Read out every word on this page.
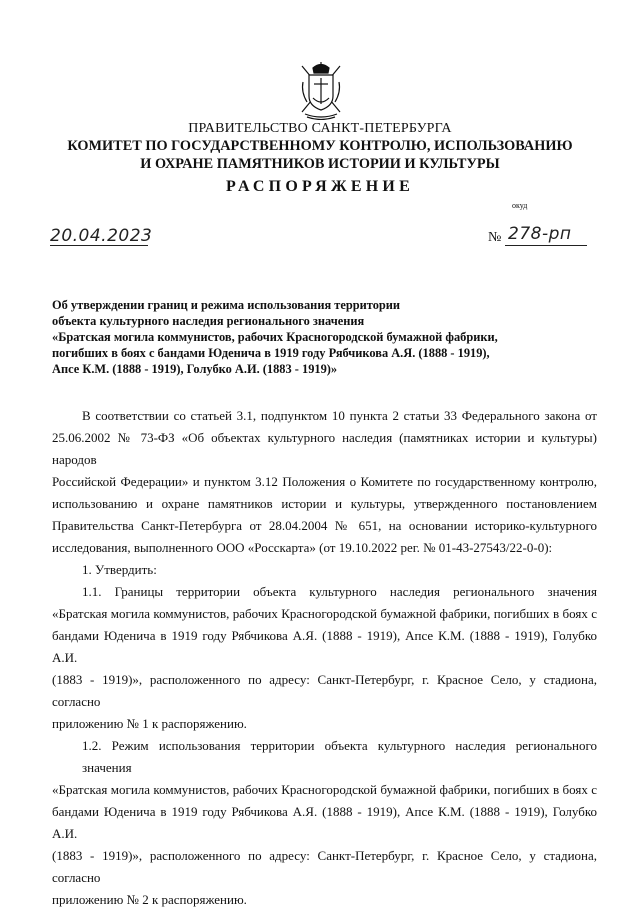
ПРАВИТЕЛЬСТВО САНКТ-ПЕТЕРБУРГА
КОМИТЕТ ПО ГОСУДАРСТВЕННОМУ КОНТРОЛЮ, ИСПОЛЬЗОВАНИЮ
И ОХРАНЕ ПАМЯТНИКОВ ИСТОРИИ И КУЛЬТУРЫ
РАСПОРЯЖЕНИЕ
окуд
20.04.2023	№ 278-рп
Об утверждении границ и режима использования территории
объекта культурного наследия регионального значения
«Братская могила коммунистов, рабочих Красногородской бумажной фабрики,
погибших в боях с бандами Юденича в 1919 году Рябчикова А.Я. (1888 - 1919),
Апсе К.М. (1888 - 1919), Голубко А.И. (1883 - 1919)»
В соответствии со статьей 3.1, подпунктом 10 пункта 2 статьи 33 Федерального закона от
25.06.2002 № 73-ФЗ «Об объектах культурного наследия (памятниках истории и культуры) народов
Российской Федерации» и пунктом 3.12 Положения о Комитете по государственному контролю,
использованию и охране памятников истории и культуры, утвержденного постановлением
Правительства Санкт-Петербурга от 28.04.2004 № 651, на основании историко-культурного
исследования, выполненного ООО «Росскарта» (от 19.10.2022 рег. № 01-43-27543/22-0-0):
1. Утвердить:
1.1. Границы территории объекта культурного наследия регионального значения
«Братская могила коммунистов, рабочих Красногородской бумажной фабрики, погибших в боях с
бандами Юденича в 1919 году Рябчикова А.Я. (1888 - 1919), Апсе К.М. (1888 - 1919), Голубко А.И.
(1883 - 1919)», расположенного по адресу: Санкт-Петербург, г. Красное Село, у стадиона, согласно
приложению № 1 к распоряжению.
1.2. Режим использования территории объекта культурного наследия регионального значения
«Братская могила коммунистов, рабочих Красногородской бумажной фабрики, погибших в боях с
бандами Юденича в 1919 году Рябчикова А.Я. (1888 - 1919), Апсе К.М. (1888 - 1919), Голубко А.И.
(1883 - 1919)», расположенного по адресу: Санкт-Петербург, г. Красное Село, у стадиона, согласно
приложению № 2 к распоряжению.
